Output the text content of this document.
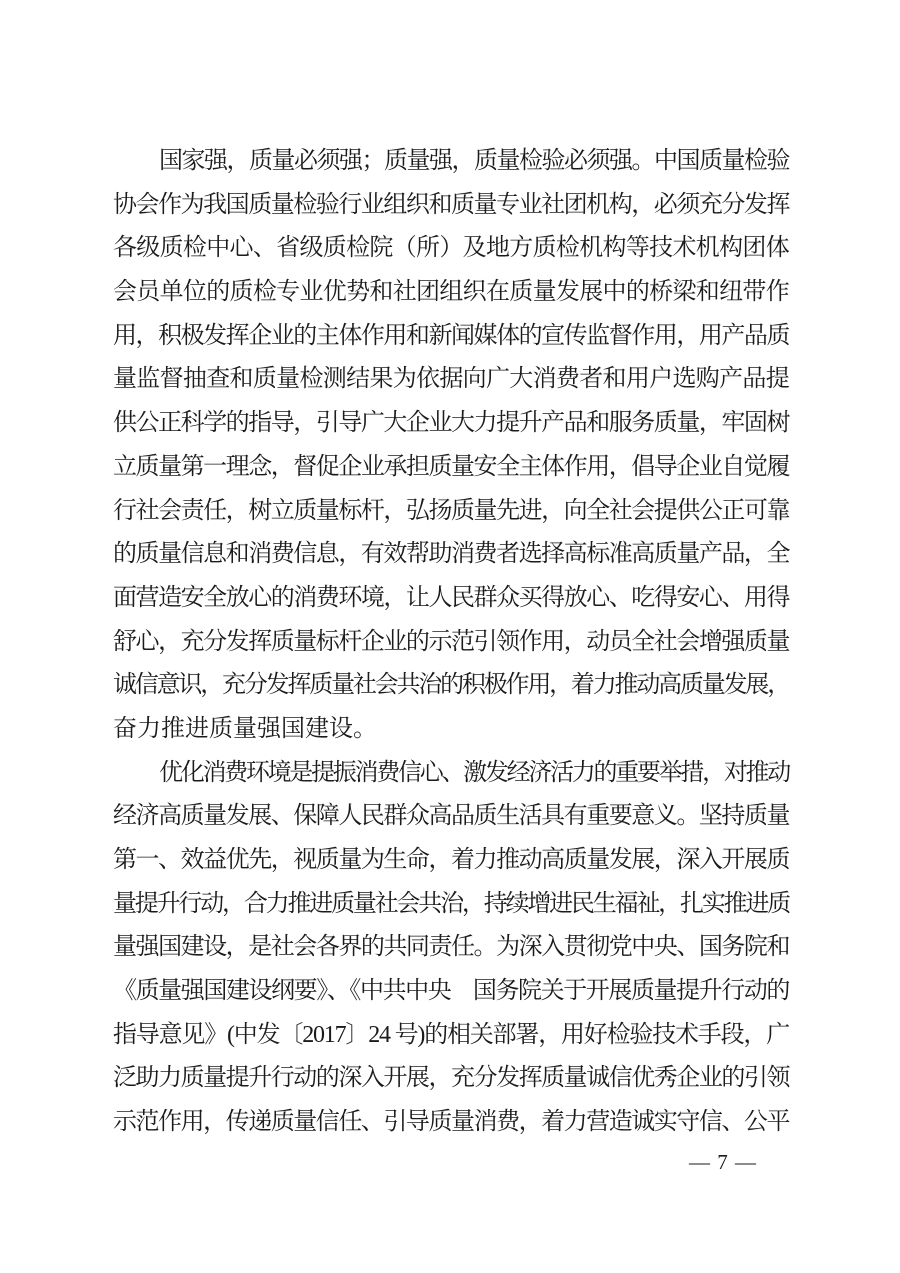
国家强，质量必须强；质量强，质量检验必须强。中国质量检验
协会作为我国质量检验行业组织和质量专业社团机构，必须充分发挥
各级质检中心、省级质检院（所）及地方质检机构等技术机构团体
会员单位的质检专业优势和社团组织在质量发展中的桥梁和纽带作
用，积极发挥企业的主体作用和新闻媒体的宣传监督作用，用产品质
量监督抽查和质量检测结果为依据向广大消费者和用户选购产品提
供公正科学的指导，引导广大企业大力提升产品和服务质量，牢固树
立质量第一理念，督促企业承担质量安全主体作用，倡导企业自觉履
行社会责任，树立质量标杆，弘扬质量先进，向全社会提供公正可靠
的质量信息和消费信息，有效帮助消费者选择高标准高质量产品，全
面营造安全放心的消费环境，让人民群众买得放心、吃得安心、用得
舒心，充分发挥质量标杆企业的示范引领作用，动员全社会增强质量
诚信意识，充分发挥质量社会共治的积极作用，着力推动高质量发展，
奋力推进质量强国建设。
优化消费环境是提振消费信心、激发经济活力的重要举措，对推动
经济高质量发展、保障人民群众高品质生活具有重要意义。坚持质量
第一、效益优先，视质量为生命，着力推动高质量发展，深入开展质
量提升行动，合力推进质量社会共治，持续增进民生福祉，扎实推进质
量强国建设，是社会各界的共同责任。为深入贯彻党中央、国务院和
《质量强国建设纲要》、《中共中央　国务院关于开展质量提升行动的
指导意见》(中发〔2017〕24 号)的相关部署，用好检验技术手段，广
泛助力质量提升行动的深入开展，充分发挥质量诚信优秀企业的引领
示范作用，传递质量信任、引导质量消费，着力营造诚实守信、公平
— 7 —
